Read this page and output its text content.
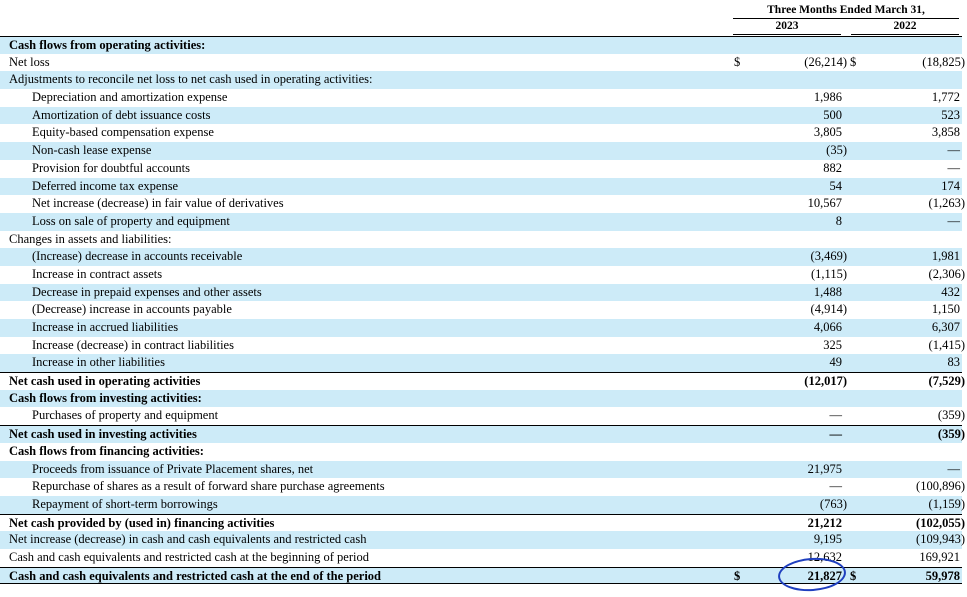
Three Months Ended March 31,
2023	2022
Cash flows from operating activities:
Net loss	$	(26,214) $	(18,825)
Adjustments to reconcile net loss to net cash used in operating activities:
Depreciation and amortization expense	1,986	1,772
Amortization of debt issuance costs	500	523
Equity-based compensation expense	3,805	3,858
Non-cash lease expense	(35)	—
Provision for doubtful accounts	882	—
Deferred income tax expense	54	174
Net increase (decrease) in fair value of derivatives	10,567	(1,263)
Loss on sale of property and equipment	8	—
Changes in assets and liabilities:
(Increase) decrease in accounts receivable	(3,469)	1,981
Increase in contract assets	(1,115)	(2,306)
Decrease in prepaid expenses and other assets	1,488	432
(Decrease) increase in accounts payable	(4,914)	1,150
Increase in accrued liabilities	4,066	6,307
Increase (decrease) in contract liabilities	325	(1,415)
Increase in other liabilities	49	83
Net cash used in operating activities	(12,017)	(7,529)
Cash flows from investing activities:
Purchases of property and equipment	—	(359)
Net cash used in investing activities	—	(359)
Cash flows from financing activities:
Proceeds from issuance of Private Placement shares, net	21,975	—
Repurchase of shares as a result of forward share purchase agreements	—	(100,896)
Repayment of short-term borrowings	(763)	(1,159)
Net cash provided by (used in) financing activities	21,212	(102,055)
Net increase (decrease) in cash and cash equivalents and restricted cash	9,195	(109,943)
Cash and cash equivalents and restricted cash at the beginning of period	12,632	169,921
Cash and cash equivalents and restricted cash at the end of the period	$	21,827 $	59,978
